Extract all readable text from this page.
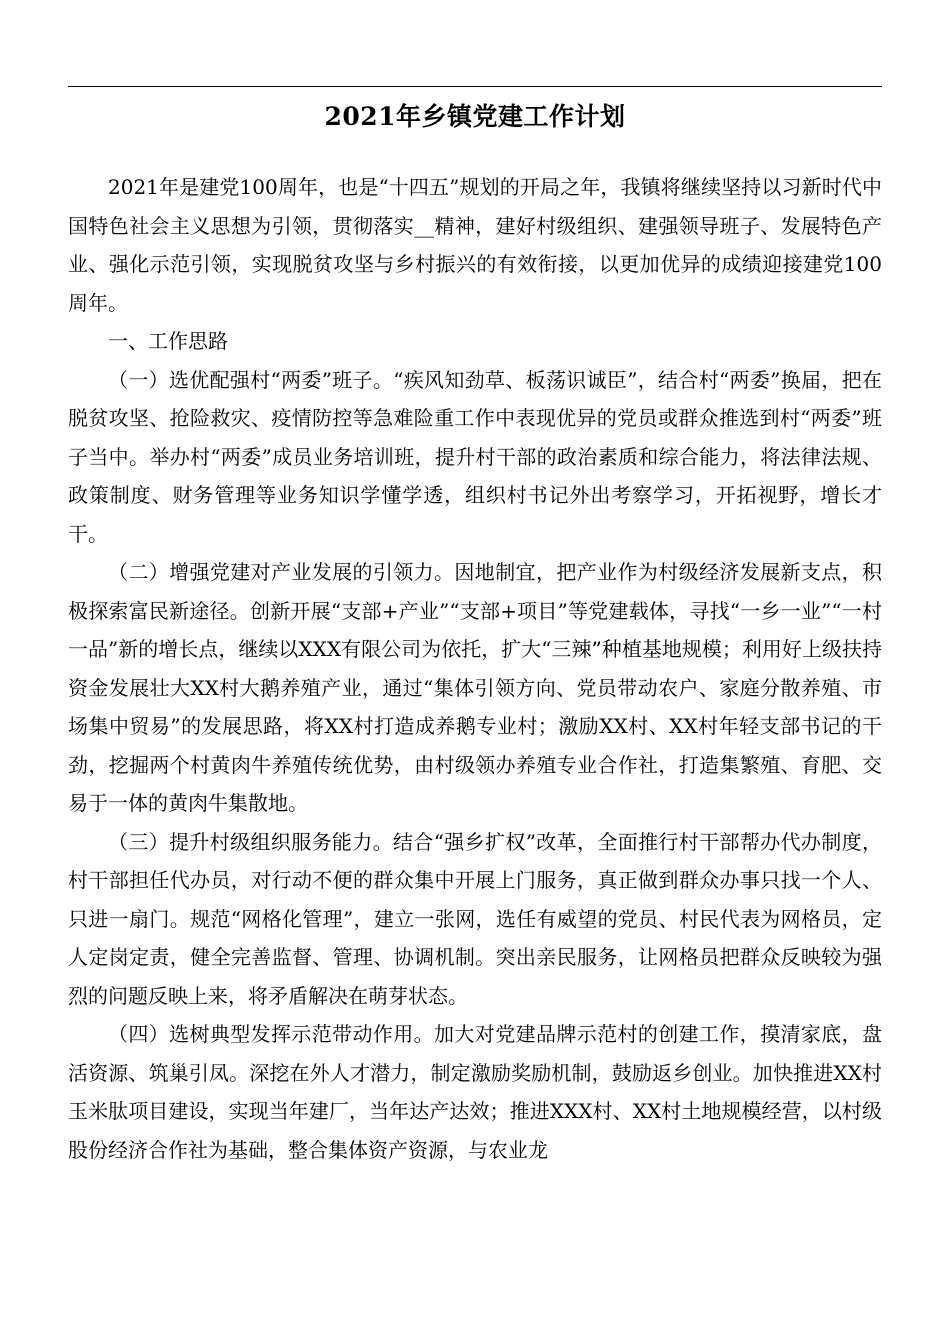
2021年乡镇党建工作计划

2021年是建党100周年，也是“十四五”规划的开局之年，我镇将继续坚持以习新时代中国特色社会主义思想为引领，贯彻落实__精神，建好村级组织、建强领导班子、发展特色产业、强化示范引领，实现脱贫攻坚与乡村振兴的有效衔接，以更加优异的成绩迎接建党100周年。

一、工作思路

（一）选优配强村“两委”班子。“疾风知劲草、板荡识诚臣”，结合村“两委”换届，把在脱贫攻坚、抢险救灾、疫情防控等急难险重工作中表现优异的党员或群众推选到村“两委”班子当中。举办村“两委”成员业务培训班，提升村干部的政治素质和综合能力，将法律法规、政策制度、财务管理等业务知识学懂学透，组织村书记外出考察学习，开拓视野，增长才干。

（二）增强党建对产业发展的引领力。因地制宜，把产业作为村级经济发展新支点，积极探索富民新途径。创新开展“支部+产业”“支部+项目”等党建载体，寻找“一乡一业”“一村一品”新的增长点，继续以XXX有限公司为依托，扩大“三辣”种植基地规模；利用好上级扶持资金发展壮大XX村大鹅养殖产业，通过“集体引领方向、党员带动农户、家庭分散养殖、市场集中贸易”的发展思路，将XX村打造成养鹅专业村；激励XX村、XX村年轻支部书记的干劲，挖掘两个村黄肉牛养殖传统优势，由村级领办养殖专业合作社，打造集繁殖、育肥、交易于一体的黄肉牛集散地。

（三）提升村级组织服务能力。结合“强乡扩权”改革，全面推行村干部帮办代办制度，村干部担任代办员，对行动不便的群众集中开展上门服务，真正做到群众办事只找一个人、只进一扇门。规范“网格化管理”，建立一张网，选任有威望的党员、村民代表为网格员，定人定岗定责，健全完善监督、管理、协调机制。突出亲民服务，让网格员把群众反映较为强烈的问题反映上来，将矛盾解决在萌芽状态。

（四）选树典型发挥示范带动作用。加大对党建品牌示范村的创建工作，摸清家底，盘活资源、筑巢引凤。深挖在外人才潜力，制定激励奖励机制，鼓励返乡创业。加快推进XX村玉米肽项目建设，实现当年建厂，当年达产达效；推进XXX村、XX村土地规模经营，以村级股份经济合作社为基础，整合集体资产资源，与农业龙
